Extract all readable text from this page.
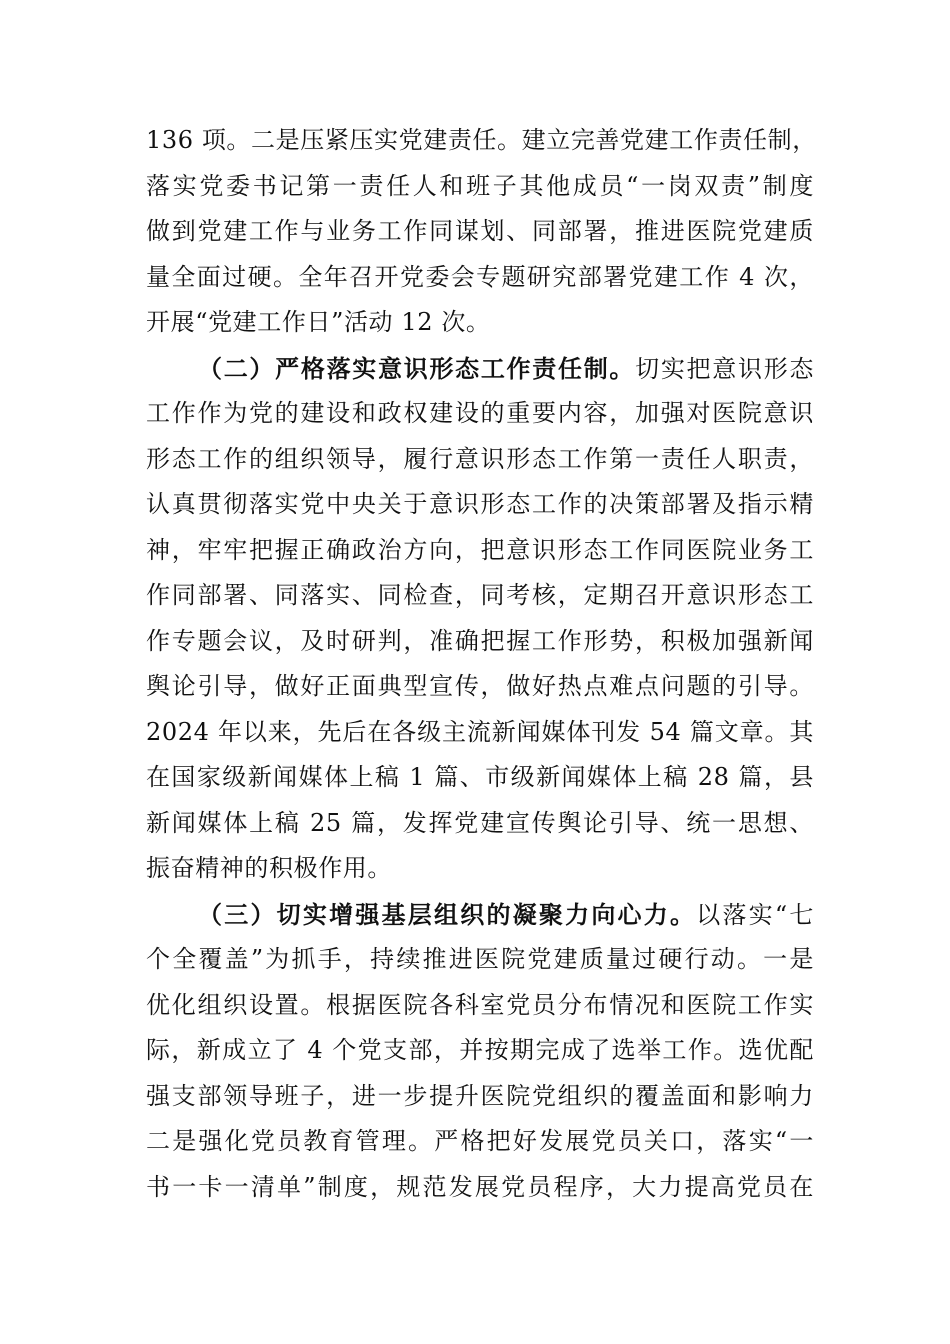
136 项。二是压紧压实党建责任。建立完善党建工作责任制，
落实党委书记第一责任人和班子其他成员“一岗双责”制度
做到党建工作与业务工作同谋划、同部署，推进医院党建质
量全面过硬。全年召开党委会专题研究部署党建工作 4 次，
开展“党建工作日”活动 12 次。
（二）严格落实意识形态工作责任制。切实把意识形态
工作作为党的建设和政权建设的重要内容，加强对医院意识
形态工作的组织领导，履行意识形态工作第一责任人职责，
认真贯彻落实党中央关于意识形态工作的决策部署及指示精
神，牢牢把握正确政治方向，把意识形态工作同医院业务工
作同部署、同落实、同检查，同考核，定期召开意识形态工
作专题会议，及时研判，准确把握工作形势，积极加强新闻
舆论引导，做好正面典型宣传，做好热点难点问题的引导。
2024 年以来，先后在各级主流新闻媒体刊发 54 篇文章。其
在国家级新闻媒体上稿 1 篇、市级新闻媒体上稿 28 篇，县
新闻媒体上稿 25 篇，发挥党建宣传舆论引导、统一思想、
振奋精神的积极作用。
（三）切实增强基层组织的凝聚力向心力。以落实“七
个全覆盖”为抓手，持续推进医院党建质量过硬行动。一是
优化组织设置。根据医院各科室党员分布情况和医院工作实
际，新成立了 4 个党支部，并按期完成了选举工作。选优配
强支部领导班子，进一步提升医院党组织的覆盖面和影响力
二是强化党员教育管理。严格把好发展党员关口，落实“一
书一卡一清单”制度，规范发展党员程序，大力提高党员在
